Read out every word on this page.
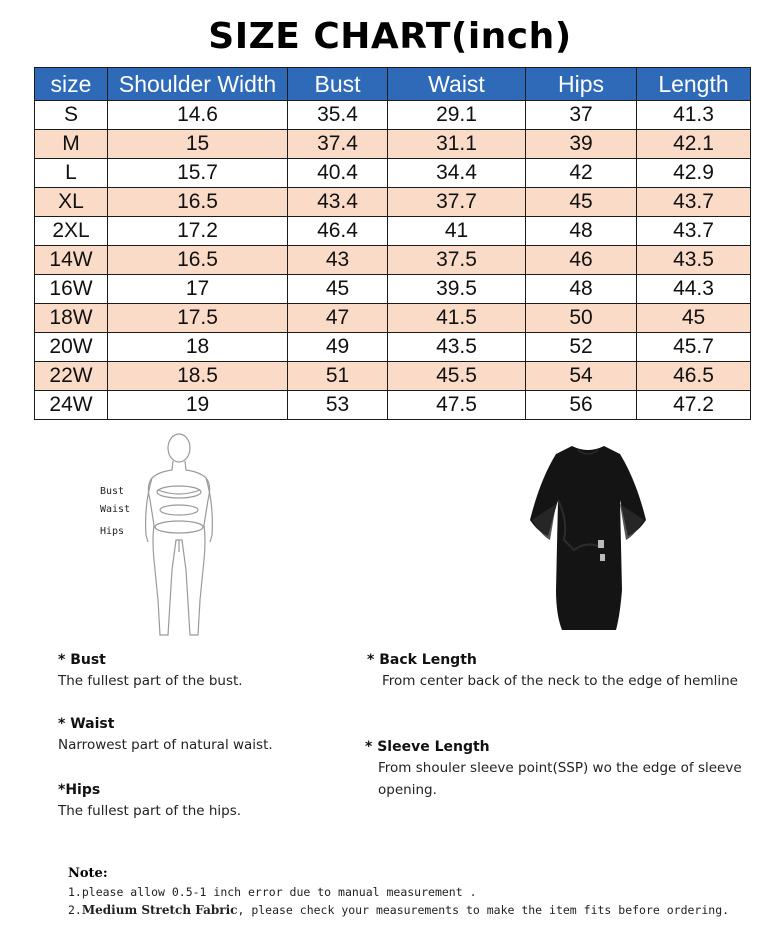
SIZE CHART(inch)
size	Shoulder Width	Bust	Waist	Hips	Length
S	14.6	35.4	29.1	37	41.3
M	15	37.4	31.1	39	42.1
L	15.7	40.4	34.4	42	42.9
XL	16.5	43.4	37.7	45	43.7
2XL	17.2	46.4	41	48	43.7
14W	16.5	43	37.5	46	43.5
16W	17	45	39.5	48	44.3
18W	17.5	47	41.5	50	45
20W	18	49	43.5	52	45.7
22W	18.5	51	45.5	54	46.5
24W	19	53	47.5	56	47.2
Bust
Waist
Hips
* Bust
The fullest part of the bust.
* Waist
Narrowest part of natural waist.
*Hips
The fullest part of the hips.
* Back Length
From center back of the neck to the edge of hemline
* Sleeve Length
From shouler sleeve point(SSP) wo the edge of sleeve
opening.
Note:
1.please allow 0.5-1 inch error due to manual measurement .
2.Medium Stretch Fabric, please check your measurements to make the item fits before ordering.
